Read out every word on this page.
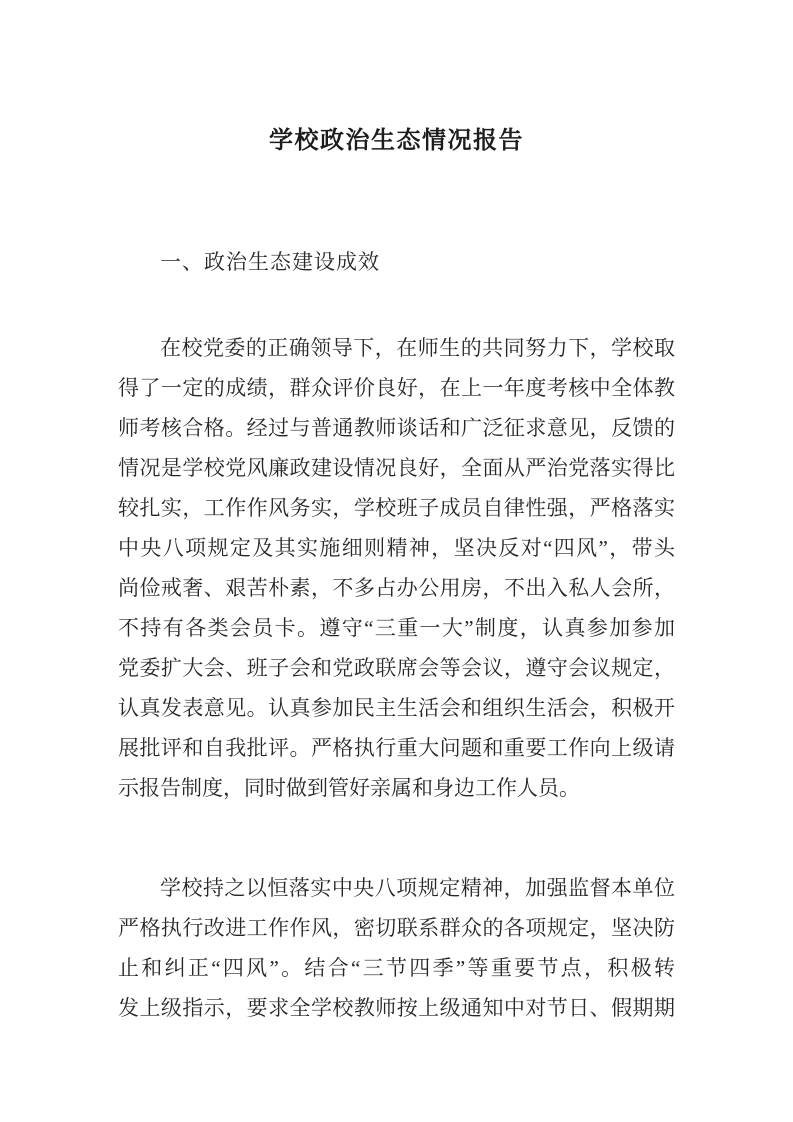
学校政治生态情况报告
一、政治生态建设成效
在校党委的正确领导下，在师生的共同努力下，学校取
得了一定的成绩，群众评价良好，在上一年度考核中全体教
师考核合格。经过与普通教师谈话和广泛征求意见，反馈的
情况是学校党风廉政建设情况良好，全面从严治党落实得比
较扎实，工作作风务实，学校班子成员自律性强，严格落实
中央八项规定及其实施细则精神，坚决反对“四风”，带头
尚俭戒奢、艰苦朴素，不多占办公用房，不出入私人会所，
不持有各类会员卡。遵守“三重一大”制度，认真参加参加
党委扩大会、班子会和党政联席会等会议，遵守会议规定，
认真发表意见。认真参加民主生活会和组织生活会，积极开
展批评和自我批评。严格执行重大问题和重要工作向上级请
示报告制度，同时做到管好亲属和身边工作人员。
学校持之以恒落实中央八项规定精神，加强监督本单位
严格执行改进工作作风，密切联系群众的各项规定，坚决防
止和纠正“四风”。结合“三节四季”等重要节点，积极转
发上级指示，要求全学校教师按上级通知中对节日、假期期
